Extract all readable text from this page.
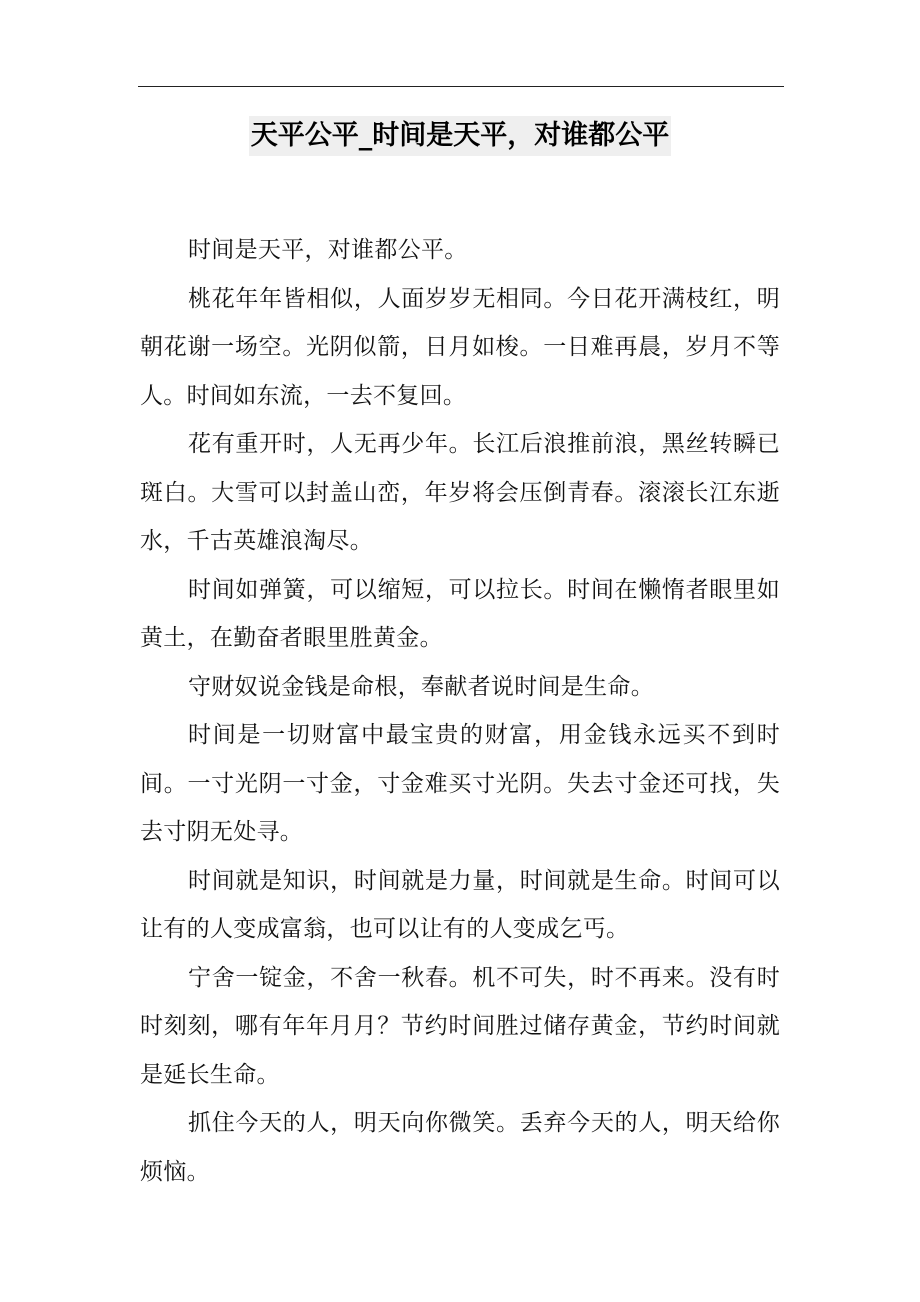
天平公平_时间是天平，对谁都公平

时间是天平，对谁都公平。

桃花年年皆相似，人面岁岁无相同。今日花开满枝红，明朝花谢一场空。光阴似箭，日月如梭。一日难再晨，岁月不等人。时间如东流，一去不复回。

花有重开时，人无再少年。长江后浪推前浪，黑丝转瞬已斑白。大雪可以封盖山峦，年岁将会压倒青春。滚滚长江东逝水，千古英雄浪淘尽。

时间如弹簧，可以缩短，可以拉长。时间在懒惰者眼里如黄土，在勤奋者眼里胜黄金。

守财奴说金钱是命根，奉献者说时间是生命。

时间是一切财富中最宝贵的财富，用金钱永远买不到时间。一寸光阴一寸金，寸金难买寸光阴。失去寸金还可找，失去寸阴无处寻。

时间就是知识，时间就是力量，时间就是生命。时间可以让有的人变成富翁，也可以让有的人变成乞丐。

宁舍一锭金，不舍一秋春。机不可失，时不再来。没有时时刻刻，哪有年年月月？节约时间胜过储存黄金，节约时间就是延长生命。

抓住今天的人，明天向你微笑。丢弃今天的人，明天给你烦恼。
